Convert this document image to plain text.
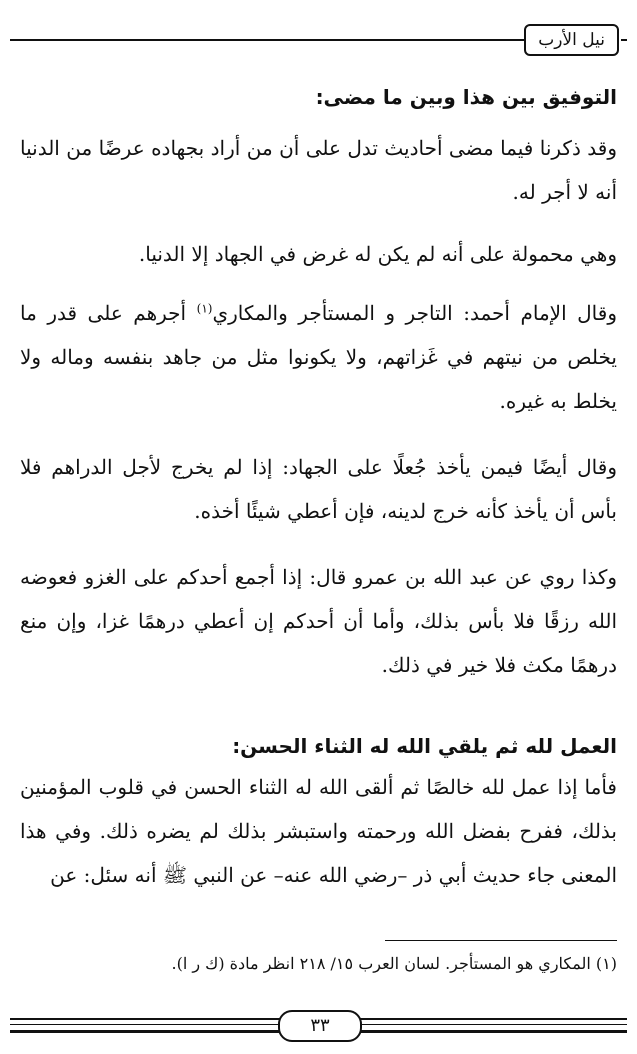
نيل الأرب
التوفيق بين هذا وبين ما مضى:

وقد ذكرنا فيما مضى أحاديث تدل على أن من أراد بجهاده عرضًا من الدنيا أنه لا أجر له.

وهي محمولة على أنه لم يكن له غرض في الجهاد إلا الدنيا.

وقال الإمام أحمد: التاجر و المستأجر والمكاري$^{(١)}$ أجرهم على قدر ما يخلص من نيتهم في غَزاتهم، ولا يكونوا مثل من جاهد بنفسه وماله ولا يخلط به غيره.

وقال أيضًا فيمن يأخذ جُعلًا على الجهاد: إذا لم يخرج لأجل الدراهم فلا بأس أن يأخذ كأنه خرج لدينه، فإن أعطي شيئًا أخذه.

وكذا روي عن عبد الله بن عمرو قال: إذا أجمع أحدكم على الغزو فعوضه الله رزقًا فلا بأس بذلك، وأما أن أحدكم إن أعطي درهمًا غزا، وإن منع درهمًا مكث فلا خير في ذلك.

العمل لله ثم يلقي الله له الثناء الحسن:

فأما إذا عمل لله خالصًا ثم ألقى الله له الثناء الحسن في قلوب المؤمنين بذلك، ففرح بفضل الله ورحمته واستبشر بذلك لم يضره ذلك. وفي هذا المعنى جاء حديث أبي ذر –رضي الله عنه– عن النبي ﷺ أنه سئل: عن

(١) المكاري هو المستأجر. لسان العرب ١٥/ ٢١٨ انظر مادة (ك ر ا).
٣٣
